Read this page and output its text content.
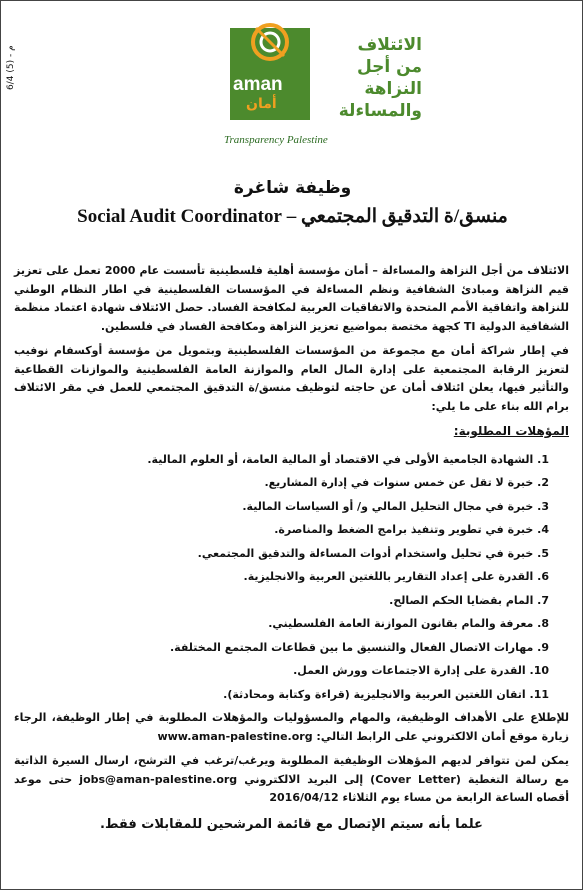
م - (5) 6/4
aman
أمان
الائتلاف
من أجل
النزاهة
والمساءلة
Transparency Palestine
وظيفة شاغرة
منسق/ة التدقيق المجتمعي – Social Audit Coordinator

الائتلاف من أجل النزاهة والمساءلة – أمان مؤسسة أهلية فلسطينية تأسست عام 2000 تعمل على تعزيز قيم النزاهة ومبادئ الشفافية ونظم المساءلة في المؤسسات الفلسطينية في اطار النظام الوطني للنزاهة واتفاقية الأمم المتحدة والاتفاقيات العربية لمكافحة الفساد. حصل الائتلاف شهادة اعتماد منظمة الشفافية الدولية TI كجهة مختصة بمواضيع تعزيز النزاهة ومكافحة الفساد في فلسطين.

في إطار شراكة أمان مع مجموعة من المؤسسات الفلسطينية وبتمويل من مؤسسة أوكسفام نوفيب لتعزيز الرقابة المجتمعية على إدارة المال العام والموازنة العامة الفلسطينية والموازنات القطاعية والتأثير فيها، يعلن ائتلاف أمان عن حاجته لتوظيف منسق/ة التدقيق المجتمعي للعمل في مقر الائتلاف برام الله بناء على ما يلي:

المؤهلات المطلوبة:
1. الشهادة الجامعية الأولى في الاقتصاد أو المالية العامة، أو العلوم المالية.
2. خبرة لا تقل عن خمس سنوات في إدارة المشاريع.
3. خبرة في مجال التحليل المالي و/ أو السياسات المالية.
4. خبرة في تطوير وتنفيذ برامج الضغط والمناصرة.
5. خبرة في تحليل واستخدام أدوات المساءلة والتدقيق المجتمعي.
6. القدرة على إعداد التقارير باللغتين العربية والانجليزية.
7. المام بقضايا الحكم الصالح.
8. معرفة والمام بقانون الموازنة العامة الفلسطيني.
9. مهارات الاتصال الفعال والتنسيق ما بين قطاعات المجتمع المختلفة.
10. القدرة على إدارة الاجتماعات وورش العمل.
11. اتقان اللغتين العربية والانجليزية (قراءة وكتابة ومحادثة).

للإطلاع على الأهداف الوظيفية، والمهام والمسؤوليات والمؤهلات المطلوبة في إطار الوظيفة، الرجاء زيارة موقع أمان الالكتروني على الرابط التالي: www.aman-palestine.org

يمكن لمن تتوافر لديهم المؤهلات الوظيفية المطلوبة ويرغب/ترغب في الترشح، ارسال السيرة الذاتية مع رسالة التغطية (Cover Letter) إلى البريد الالكتروني jobs@aman-palestine.org حتى موعد أقصاه الساعة الرابعة من مساء يوم الثلاثاء 2016/04/12

علما بأنه سيتم الإتصال مع قائمة المرشحين للمقابلات فقط.
